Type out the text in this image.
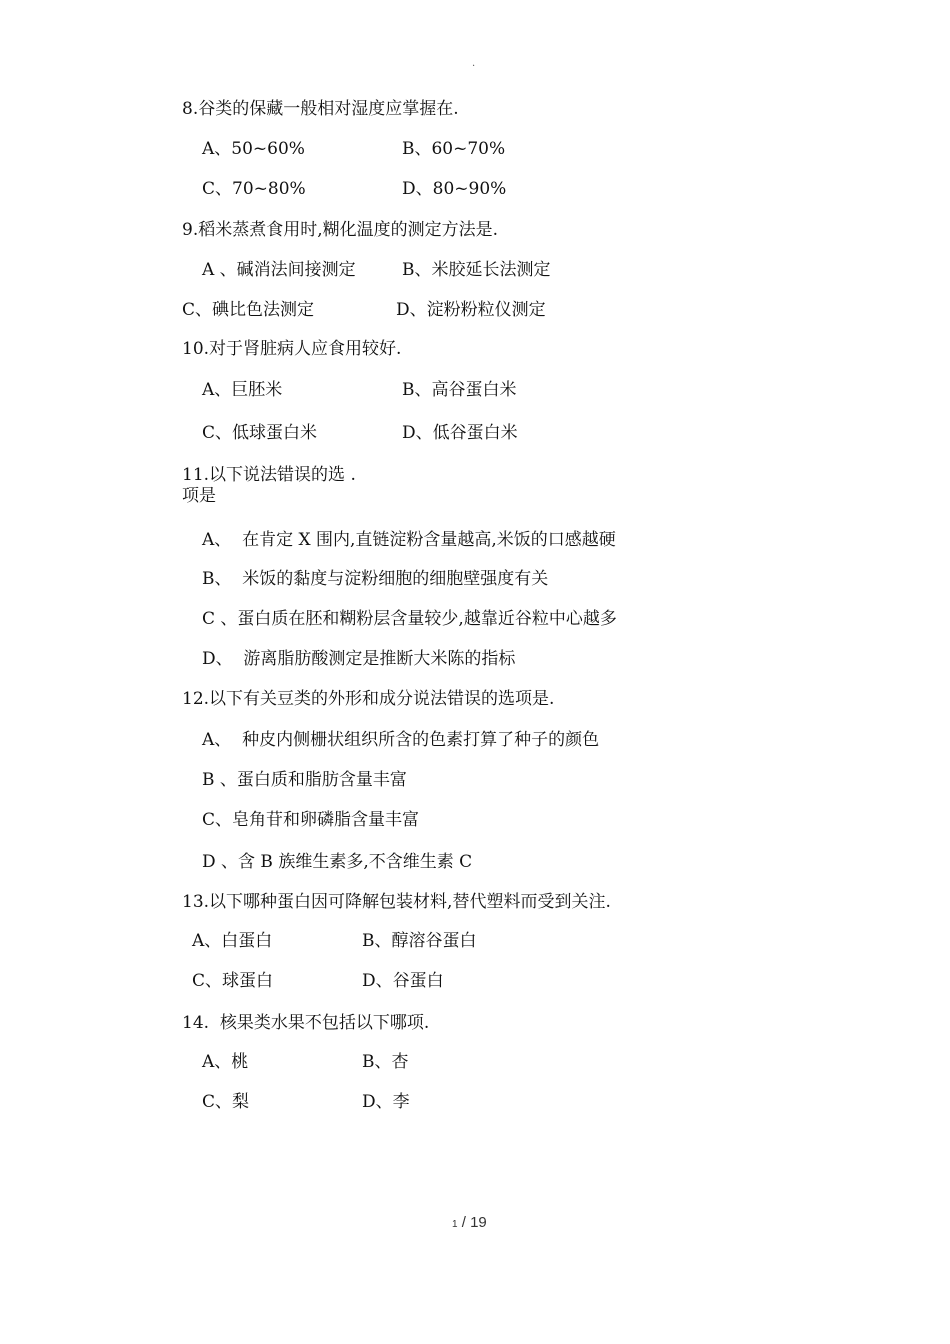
.
8.谷类的保藏一般相对湿度应掌握在.
A、50~60%	B、60~70%
C、70~80%	D、80~90%
9.稻米蒸煮食用时,糊化温度的测定方法是.
A 、碱消法间接测定	B、米胶延长法测定
C、碘比色法测定	D、淀粉粉粒仪测定
10.对于肾脏病人应食用较好.
A、巨胚米	B、高谷蛋白米
C、低球蛋白米	D、低谷蛋白米
11.以下说法错误的选 .
项是
A、  在肯定 X 围内,直链淀粉含量越高,米饭的口感越硬
B、  米饭的黏度与淀粉细胞的细胞壁强度有关
C 、蛋白质在胚和糊粉层含量较少,越靠近谷粒中心越多
D、  游离脂肪酸测定是推断大米陈的指标
12.以下有关豆类的外形和成分说法错误的选项是.
A、  种皮内侧栅状组织所含的色素打算了种子的颜色
B 、蛋白质和脂肪含量丰富
C、皂角苷和卵磷脂含量丰富
D 、含 B 族维生素多,不含维生素 C
13.以下哪种蛋白因可降解包装材料,替代塑料而受到关注.
A、白蛋白	B、醇溶谷蛋白
C、球蛋白	D、谷蛋白
14.  核果类水果不包括以下哪项.
A、桃	B、杏
C、梨	D、李
1 / 19
